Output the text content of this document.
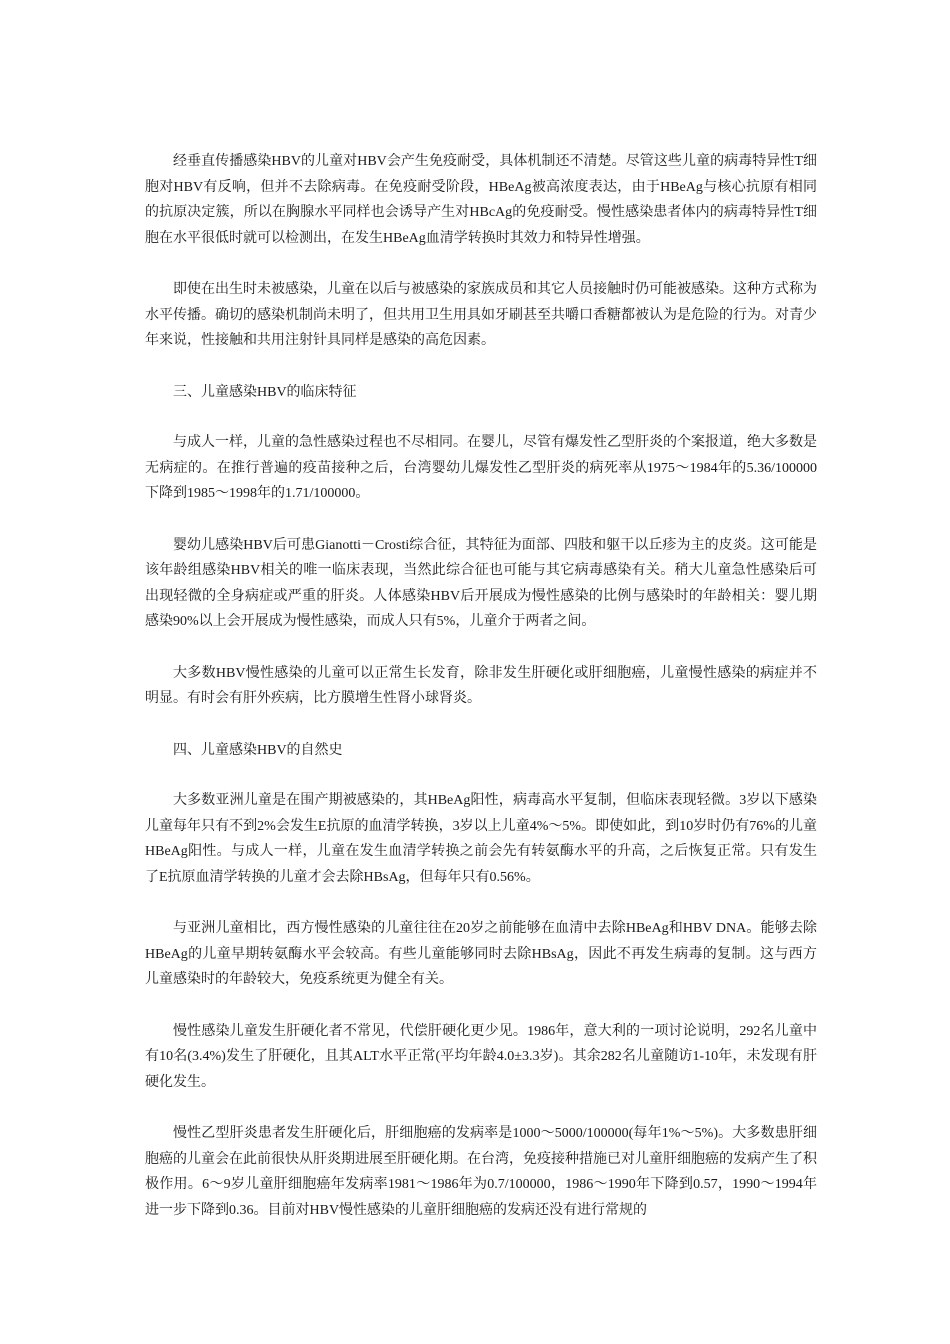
经垂直传播感染HBV的儿童对HBV会产生免疫耐受，具体机制还不清楚。尽管这些儿童的病毒特异性T细胞对HBV有反响，但并不去除病毒。在免疫耐受阶段，HBeAg被高浓度表达，由于HBeAg与核心抗原有相同的抗原决定簇，所以在胸腺水平同样也会诱导产生对HBcAg的免疫耐受。慢性感染患者体内的病毒特异性T细胞在水平很低时就可以检测出，在发生HBeAg血清学转换时其效力和特异性增强。

即使在出生时未被感染，儿童在以后与被感染的家族成员和其它人员接触时仍可能被感染。这种方式称为水平传播。确切的感染机制尚未明了，但共用卫生用具如牙刷甚至共嚼口香糖都被认为是危险的行为。对青少年来说，性接触和共用注射针具同样是感染的高危因素。

三、儿童感染HBV的临床特征

与成人一样，儿童的急性感染过程也不尽相同。在婴儿，尽管有爆发性乙型肝炎的个案报道，绝大多数是无病症的。在推行普遍的疫苗接种之后，台湾婴幼儿爆发性乙型肝炎的病死率从1975～1984年的5.36/100000下降到1985～1998年的1.71/100000。

婴幼儿感染HBV后可患Gianotti－Crosti综合征，其特征为面部、四肢和躯干以丘疹为主的皮炎。这可能是该年龄组感染HBV相关的唯一临床表现，当然此综合征也可能与其它病毒感染有关。稍大儿童急性感染后可出现轻微的全身病症或严重的肝炎。人体感染HBV后开展成为慢性感染的比例与感染时的年龄相关：婴儿期感染90%以上会开展成为慢性感染，而成人只有5%，儿童介于两者之间。

大多数HBV慢性感染的儿童可以正常生长发育，除非发生肝硬化或肝细胞癌，儿童慢性感染的病症并不明显。有时会有肝外疾病，比方膜增生性肾小球肾炎。

四、儿童感染HBV的自然史

大多数亚洲儿童是在围产期被感染的，其HBeAg阳性，病毒高水平复制，但临床表现轻微。3岁以下感染儿童每年只有不到2%会发生E抗原的血清学转换，3岁以上儿童4%～5%。即使如此，到10岁时仍有76%的儿童HBeAg阳性。与成人一样，儿童在发生血清学转换之前会先有转氨酶水平的升高，之后恢复正常。只有发生了E抗原血清学转换的儿童才会去除HBsAg，但每年只有0.56%。

与亚洲儿童相比，西方慢性感染的儿童往往在20岁之前能够在血清中去除HBeAg和HBV DNA。能够去除HBeAg的儿童早期转氨酶水平会较高。有些儿童能够同时去除HBsAg，因此不再发生病毒的复制。这与西方儿童感染时的年龄较大，免疫系统更为健全有关。

慢性感染儿童发生肝硬化者不常见，代偿肝硬化更少见。1986年，意大利的一项讨论说明，292名儿童中有10名(3.4%)发生了肝硬化，且其ALT水平正常(平均年龄4.0±3.3岁)。其余282名儿童随访1-10年，未发现有肝硬化发生。

慢性乙型肝炎患者发生肝硬化后，肝细胞癌的发病率是1000～5000/100000(每年1%～5%)。大多数患肝细胞癌的儿童会在此前很快从肝炎期进展至肝硬化期。在台湾，免疫接种措施已对儿童肝细胞癌的发病产生了积极作用。6～9岁儿童肝细胞癌年发病率1981～1986年为0.7/100000，1986～1990年下降到0.57，1990～1994年进一步下降到0.36。目前对HBV慢性感染的儿童肝细胞癌的发病还没有进行常规的
